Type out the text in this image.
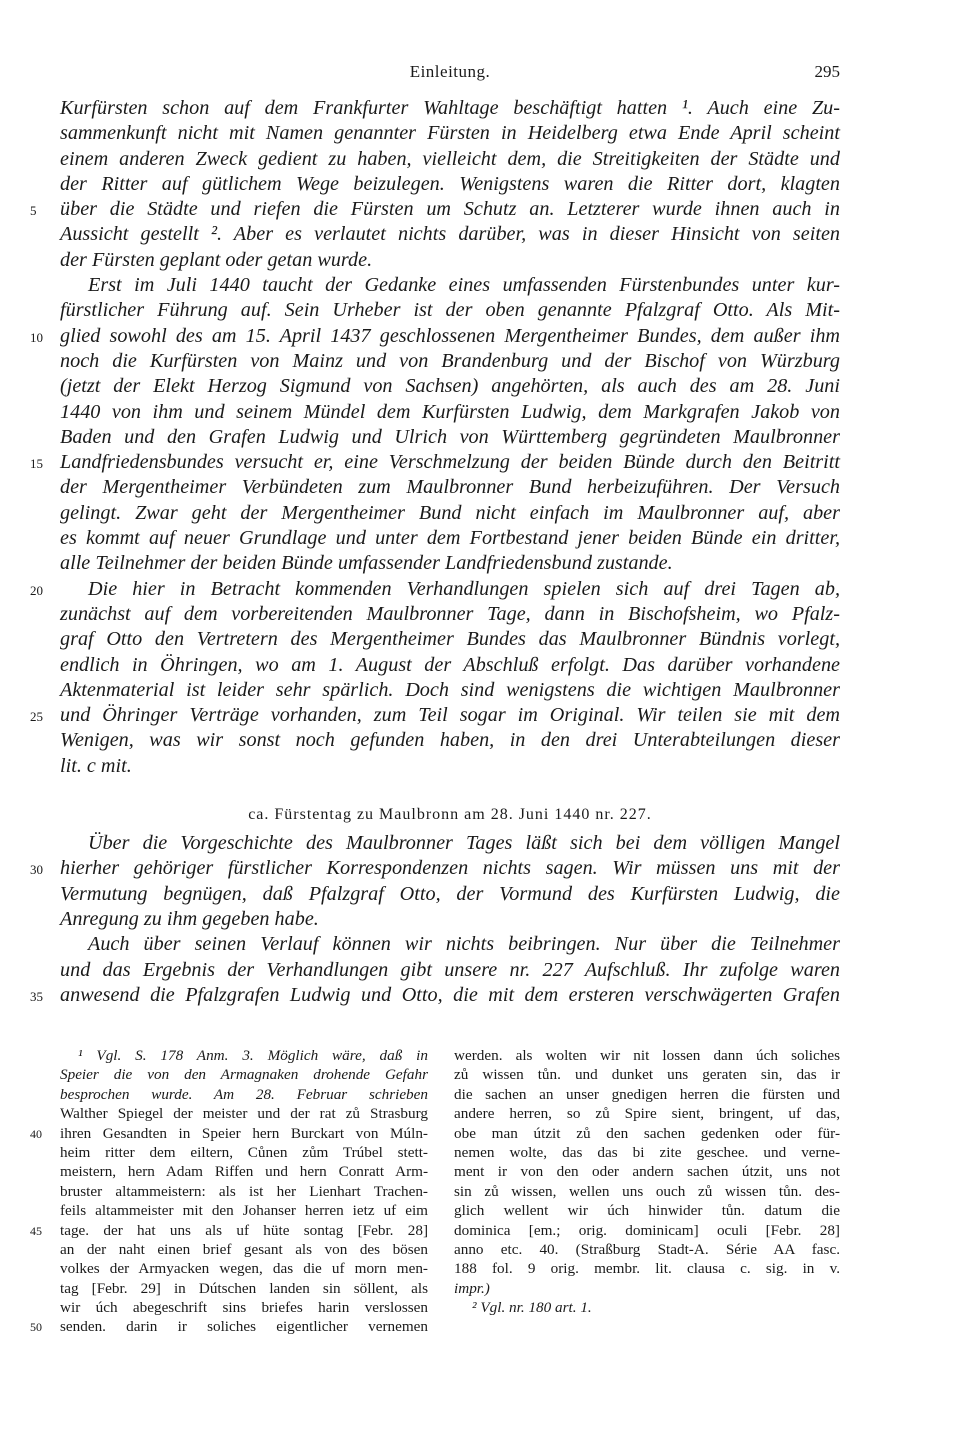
Einleitung.	295
Kurfürsten schon auf dem Frankfurter Wahltage beschäftigt hatten ¹. Auch eine Zu-
sammenkunft nicht mit Namen genannter Fürsten in Heidelberg etwa Ende April scheint
einem anderen Zweck gedient zu haben, vielleicht dem, die Streitigkeiten der Städte und
der Ritter auf gütlichem Wege beizulegen. Wenigstens waren die Ritter dort, klagten
5 über die Städte und riefen die Fürsten um Schutz an. Letzterer wurde ihnen auch in
Aussicht gestellt ². Aber es verlautet nichts darüber, was in dieser Hinsicht von seiten
der Fürsten geplant oder getan wurde.
Erst im Juli 1440 taucht der Gedanke eines umfassenden Fürstenbundes unter kur-
fürstlicher Führung auf. Sein Urheber ist der oben genannte Pfalzgraf Otto. Als Mit-
10 glied sowohl des am 15. April 1437 geschlossenen Mergentheimer Bundes, dem außer ihm
noch die Kurfürsten von Mainz und von Brandenburg und der Bischof von Würzburg
(jetzt der Elekt Herzog Sigmund von Sachsen) angehörten, als auch des am 28. Juni
1440 von ihm und seinem Mündel dem Kurfürsten Ludwig, dem Markgrafen Jakob von
Baden und den Grafen Ludwig und Ulrich von Württemberg gegründeten Maulbronner
15 Landfriedensbundes versucht er, eine Verschmelzung der beiden Bünde durch den Beitritt
der Mergentheimer Verbündeten zum Maulbronner Bund herbeizuführen. Der Versuch
gelingt. Zwar geht der Mergentheimer Bund nicht einfach im Maulbronner auf, aber
es kommt auf neuer Grundlage und unter dem Fortbestand jener beiden Bünde ein dritter,
alle Teilnehmer der beiden Bünde umfassender Landfriedensbund zustande.
20 Die hier in Betracht kommenden Verhandlungen spielen sich auf drei Tagen ab,
zunächst auf dem vorbereitenden Maulbronner Tage, dann in Bischofsheim, wo Pfalz-
graf Otto den Vertretern des Mergentheimer Bundes das Maulbronner Bündnis vorlegt,
endlich in Öhringen, wo am 1. August der Abschluß erfolgt. Das darüber vorhandene
Aktenmaterial ist leider sehr spärlich. Doch sind wenigstens die wichtigen Maulbronner
25 und Öhringer Verträge vorhanden, zum Teil sogar im Original. Wir teilen sie mit dem
Wenigen, was wir sonst noch gefunden haben, in den drei Unterabteilungen dieser
lit. c mit.
ca. Fürstentag zu Maulbronn am 28. Juni 1440 nr. 227.
Über die Vorgeschichte des Maulbronner Tages läßt sich bei dem völligen Mangel
30 hierher gehöriger fürstlicher Korrespondenzen nichts sagen. Wir müssen uns mit der
Vermutung begnügen, daß Pfalzgraf Otto, der Vormund des Kurfürsten Ludwig, die
Anregung zu ihm gegeben habe.
Auch über seinen Verlauf können wir nichts beibringen. Nur über die Teilnehmer
und das Ergebnis der Verhandlungen gibt unsere nr. 227 Aufschluß. Ihr zufolge waren
35 anwesend die Pfalzgrafen Ludwig und Otto, die mit dem ersteren verschwägerten Grafen
¹ Vgl. S. 178 Anm. 3. Möglich wäre, daß in
Speier die von den Armagnaken drohende Gefahr
besprochen wurde. Am 28. Februar schrieben
Walther Spiegel der meister und der rat zů Strasburg
40 ihren Gesandten in Speier hern Burckart von Múln-
heim ritter dem eiltern, Cůnen zům Trúbel stett-
meistern, hern Adam Riffen und hern Conratt Arm-
bruster altammeistern: als ist her Lienhart Trachen-
feils altammeister mit den Johanser herren ietz uf eim
45 tage. der hat uns als uf hüte sontag [Febr. 28]
an der naht einen brief gesant als von des bösen
volkes der Armyacken wegen, das die uf morn men-
tag [Febr. 29] in Dútschen landen sin söllent, als
wir úch abegeschrift sins briefes harin verslossen
50 senden. darin ir soliches eigentlicher vernemen
werden. als wolten wir nit lossen dann úch soliches
zů wissen tůn. und dunket uns geraten sin, das ir
die sachen an unser gnedigen herren die fürsten und
andere herren, so zů Spire sient, bringent, uf das,
obe man útzit zů den sachen gedenken oder für-
nemen wolte, das das bi zite geschee. und verne-
ment ir von den oder andern sachen útzit, uns not
sin zů wissen, wellen uns ouch zů wissen tůn. des-
glich wellent wir úch hinwider tůn. datum die
dominica [em.; orig. dominicam] oculi [Febr. 28]
anno etc. 40. (Straßburg Stadt-A. Série AA fasc.
188 fol. 9 orig. membr. lit. clausa c. sig. in v.
impr.)
² Vgl. nr. 180 art. 1.
